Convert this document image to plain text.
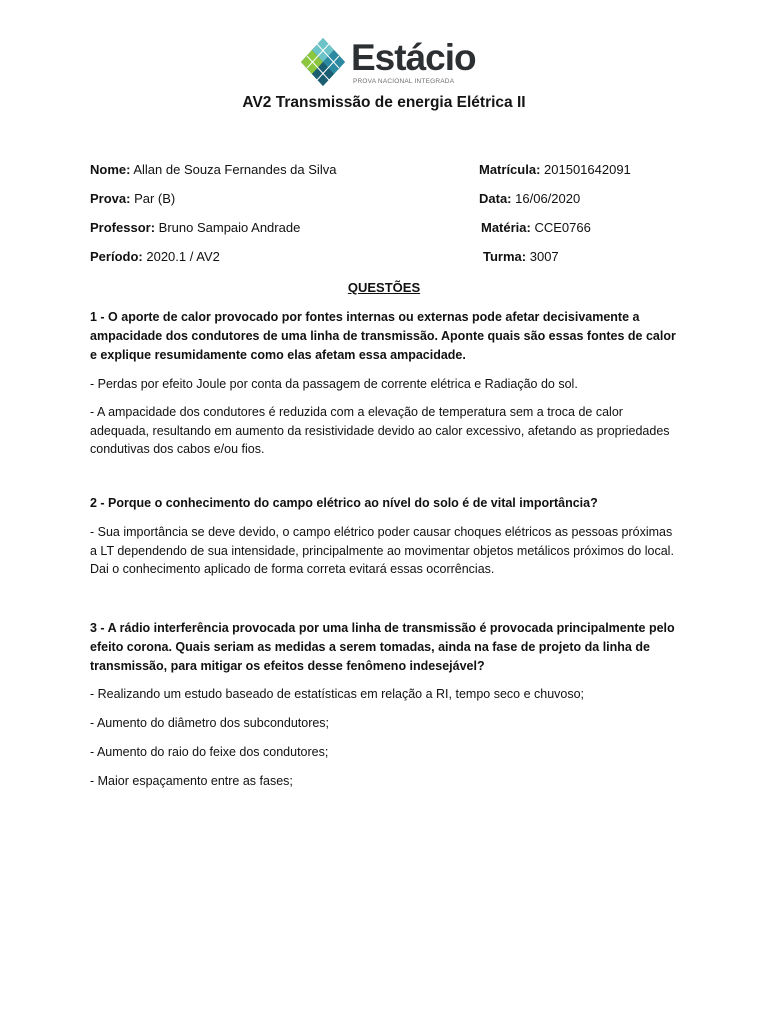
Estácio
PROVA NACIONAL INTEGRADA
AV2 Transmissão de energia Elétrica II
Nome: Allan de Souza Fernandes da Silva	Matrícula: 201501642091
Prova: Par (B)	Data: 16/06/2020
Professor: Bruno Sampaio Andrade	Matéria: CCE0766
Período: 2020.1 / AV2	Turma: 3007
QUESTÕES
1 - O aporte de calor provocado por fontes internas ou externas pode afetar decisivamente a ampacidade dos condutores de uma linha de transmissão. Aponte quais são essas fontes de calor e explique resumidamente como elas afetam essa ampacidade.
- Perdas por efeito Joule por conta da passagem de corrente elétrica e Radiação do sol.
- A ampacidade dos condutores é reduzida com a elevação de temperatura sem a troca de calor adequada, resultando em aumento da resistividade devido ao calor excessivo, afetando as propriedades condutivas dos cabos e/ou fios.
2 - Porque o conhecimento do campo elétrico ao nível do solo é de vital importância?
- Sua importância se deve devido, o campo elétrico poder causar choques elétricos as pessoas próximas a LT dependendo de sua intensidade, principalmente ao movimentar objetos metálicos próximos do local. Dai o conhecimento aplicado de forma correta evitará essas ocorrências.
3 - A rádio interferência provocada por uma linha de transmissão é provocada principalmente pelo efeito corona. Quais seriam as medidas a serem tomadas, ainda na fase de projeto da linha de transmissão, para mitigar os efeitos desse fenômeno indesejável?
- Realizando um estudo baseado de estatísticas em relação a RI, tempo seco e chuvoso;
- Aumento do diâmetro dos subcondutores;
- Aumento do raio do feixe dos condutores;
- Maior espaçamento entre as fases;
